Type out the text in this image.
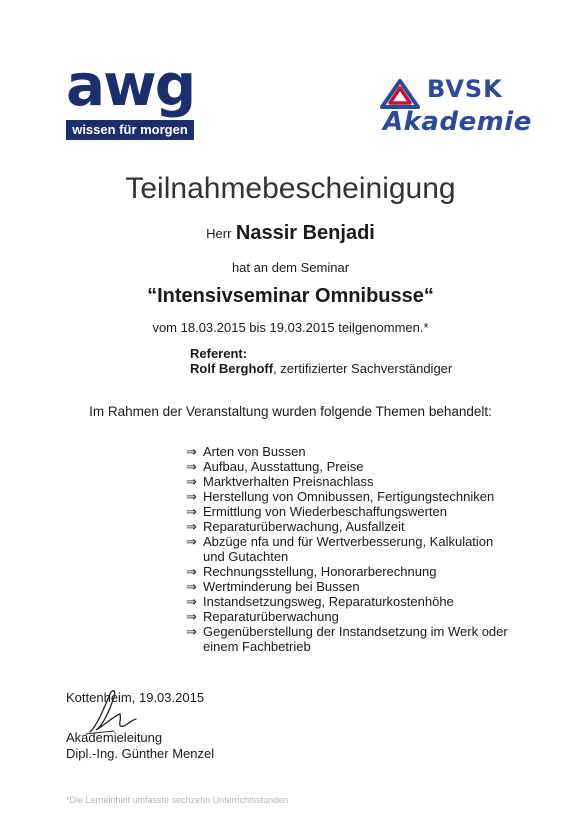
awg
wissen für morgen
BVSK
Akademie
Teilnahmebescheinigung
Herr Nassir Benjadi
hat an dem Seminar
“Intensivseminar Omnibusse“
vom 18.03.2015 bis 19.03.2015 teilgenommen.*
Referent:
Rolf Berghoff, zertifizierter Sachverständiger
Im Rahmen der Veranstaltung wurden folgende Themen behandelt:
⇒ Arten von Bussen
⇒ Aufbau, Ausstattung, Preise
⇒ Marktverhalten Preisnachlass
⇒ Herstellung von Omnibussen, Fertigungstechniken
⇒ Ermittlung von Wiederbeschaffungswerten
⇒ Reparaturüberwachung, Ausfallzeit
⇒ Abzüge nfa und für Wertverbesserung, Kalkulation und Gutachten
⇒ Rechnungsstellung, Honorarberechnung
⇒ Wertminderung bei Bussen
⇒ Instandsetzungsweg, Reparaturkostenhöhe
⇒ Reparaturüberwachung
⇒ Gegenüberstellung der Instandsetzung im Werk oder einem Fachbetrieb
Kottenheim, 19.03.2015
Akademieleitung
Dipl.-Ing. Günther Menzel
*Die Lerneinheit umfasste sechzehn Unterrichtsstunden
